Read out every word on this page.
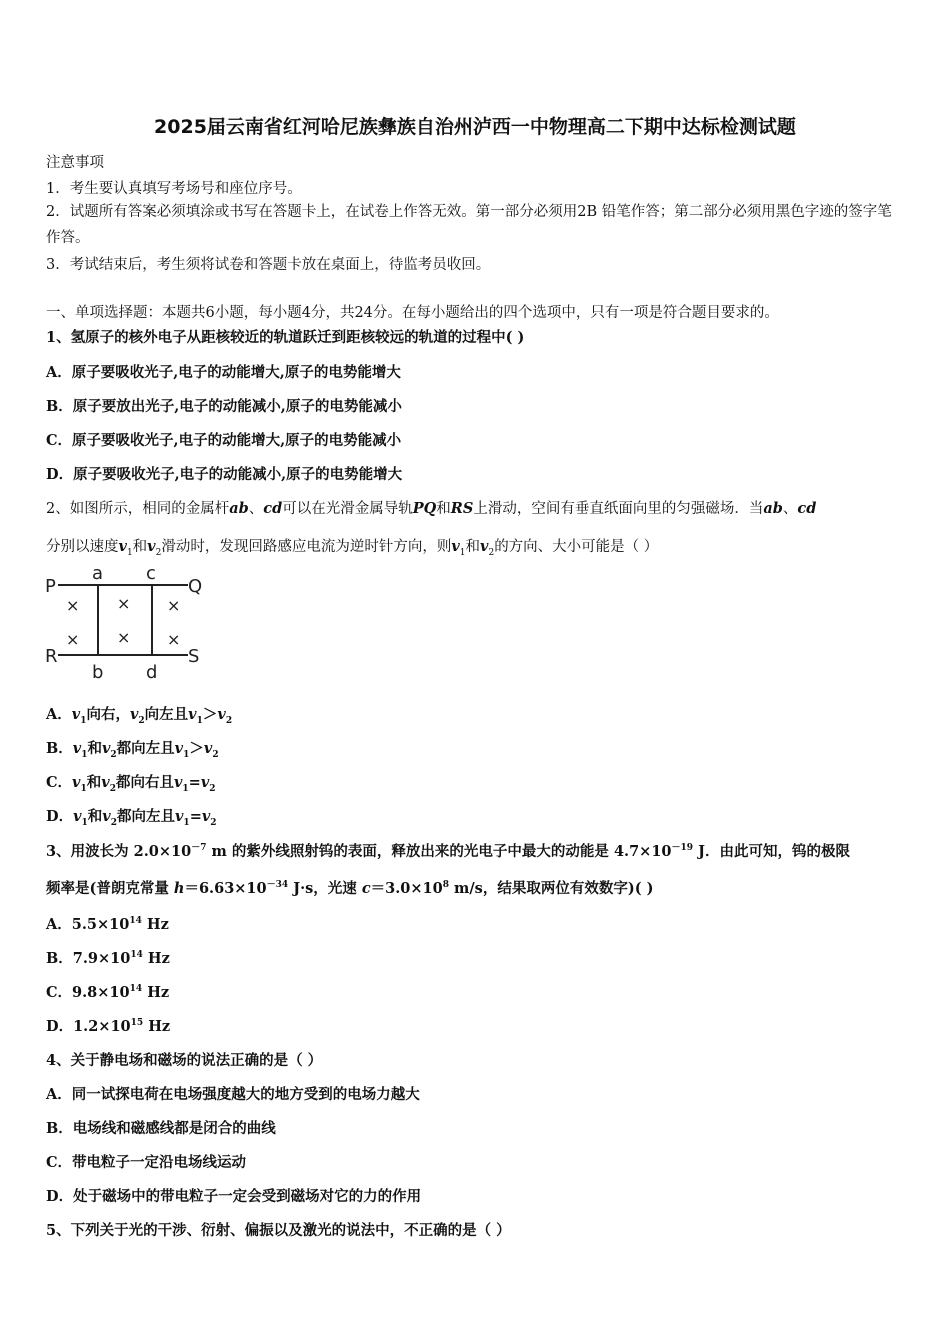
2025届云南省红河哈尼族彝族自治州泸西一中物理高二下期中达标检测试题
注意事项
1．考生要认真填写考场号和座位序号。
2．试题所有答案必须填涂或书写在答题卡上，在试卷上作答无效。第一部分必须用2B 铅笔作答；第二部分必须用黑色字迹的签字笔作答。
3．考试结束后，考生须将试卷和答题卡放在桌面上，待监考员收回。
一、单项选择题：本题共6小题，每小题4分，共24分。在每小题给出的四个选项中，只有一项是符合题目要求的。
1、氢原子的核外电子从距核较近的轨道跃迁到距核较远的轨道的过程中( )
A．原子要吸收光子,电子的动能增大,原子的电势能增大
B．原子要放出光子,电子的动能减小,原子的电势能减小
C．原子要吸收光子,电子的动能增大,原子的电势能减小
D．原子要吸收光子,电子的动能减小,原子的电势能增大
2、如图所示，相同的金属杆ab、cd可以在光滑金属导轨PQ和RS上滑动，空间有垂直纸面向里的匀强磁场．当ab、cd
分别以速度$v_1$和$v_2$滑动时，发现回路感应电流为逆时针方向，则$v_1$和$v_2$的方向、大小可能是（ ）
P	Q
R	S
a c
b d
× × ×
× × ×
A．$v_1$向右，$v_2$向左且$v_1>v_2$
B．$v_1$和$v_2$都向左且$v_1>v_2$
C．$v_1$和$v_2$都向右且$v_1=v_2$
D．$v_1$和$v_2$都向左且$v_1=v_2$
3、用波长为 $2.0\times 10^{-7}$ m 的紫外线照射钨的表面，释放出来的光电子中最大的动能是 $4.7\times 10^{-19}$ J．由此可知，钨的极限
频率是(普朗克常量 $h=6.63\times 10^{-34}$ J·s，光速 $c=3.0\times 10^8$ m/s，结果取两位有效数字)( )
A．$5.5\times 10^{14}$ Hz
B．$7.9\times 10^{14}$ Hz
C．$9.8\times 10^{14}$ Hz
D．$1.2\times 10^{15}$ Hz
4、关于静电场和磁场的说法正确的是（ ）
A．同一试探电荷在电场强度越大的地方受到的电场力越大
B．电场线和磁感线都是闭合的曲线
C．带电粒子一定沿电场线运动
D．处于磁场中的带电粒子一定会受到磁场对它的力的作用
5、下列关于光的干涉、衍射、偏振以及激光的说法中，不正确的是（ ）
